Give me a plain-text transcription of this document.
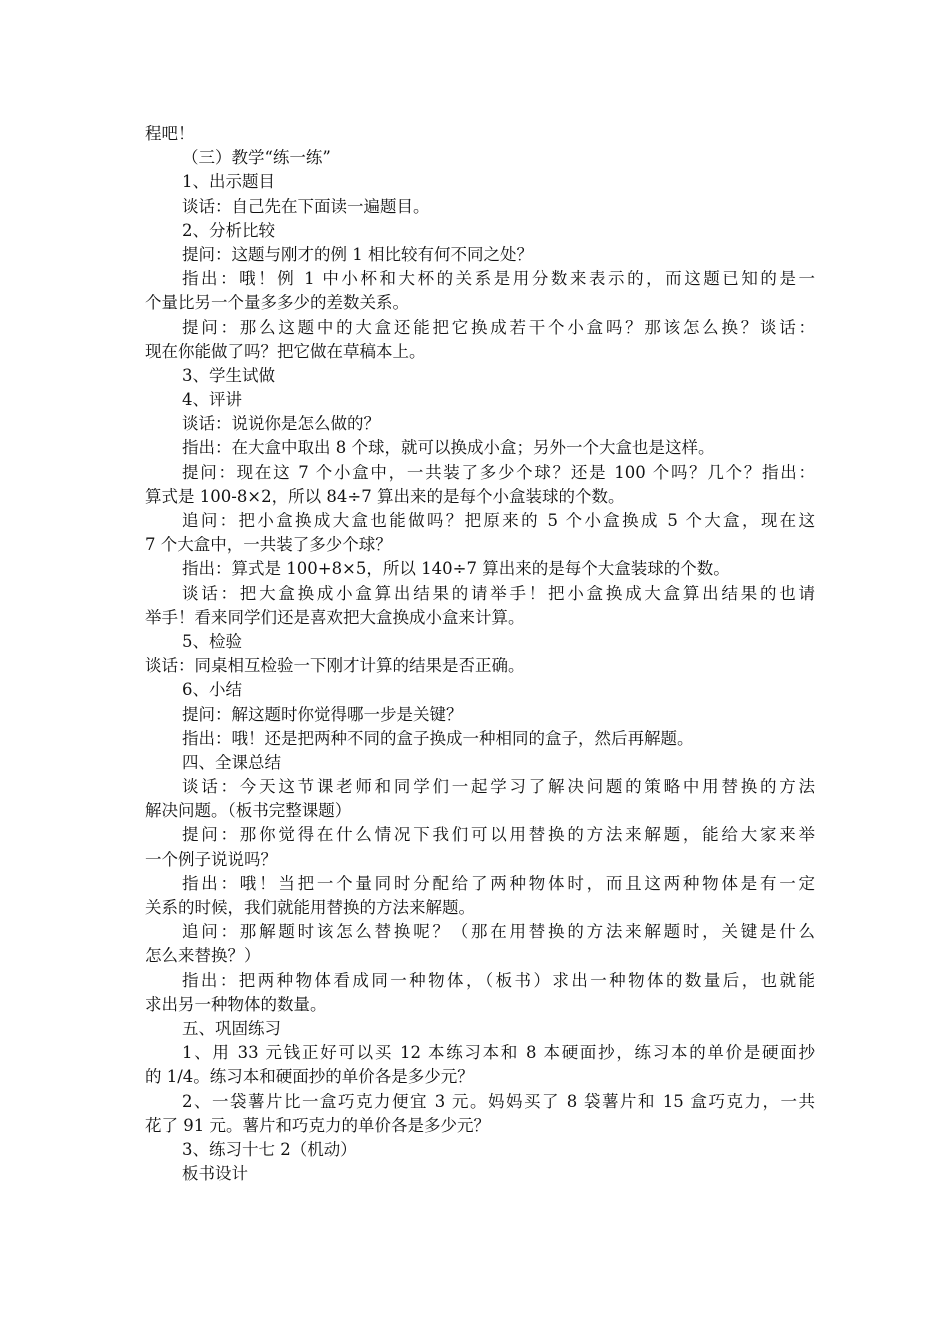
程吧！
（三）教学“练一练”
1、出示题目
谈话：自己先在下面读一遍题目。
2、分析比较
提问：这题与刚才的例 1 相比较有何不同之处？
指出：哦！例 1 中小杯和大杯的关系是用分数来表示的，而这题已知的是一
个量比另一个量多多少的差数关系。
提问：那么这题中的大盒还能把它换成若干个小盒吗？那该怎么换？谈话：
现在你能做了吗？把它做在草稿本上。
3、学生试做
4、评讲
谈话：说说你是怎么做的？
指出：在大盒中取出 8 个球，就可以换成小盒；另外一个大盒也是这样。
提问：现在这 7 个小盒中，一共装了多少个球？还是 100 个吗？几个？指出：
算式是 100-8×2，所以 84÷7 算出来的是每个小盒装球的个数。
追问：把小盒换成大盒也能做吗？把原来的 5 个小盒换成 5 个大盒，现在这
7 个大盒中，一共装了多少个球？
指出：算式是 100+8×5，所以 140÷7 算出来的是每个大盒装球的个数。
谈话：把大盒换成小盒算出结果的请举手！把小盒换成大盒算出结果的也请
举手！看来同学们还是喜欢把大盒换成小盒来计算。
5、检验
谈话：同桌相互检验一下刚才计算的结果是否正确。
6、小结
提问：解这题时你觉得哪一步是关键？
指出：哦！还是把两种不同的盒子换成一种相同的盒子，然后再解题。
四、全课总结
谈话：今天这节课老师和同学们一起学习了解决问题的策略中用替换的方法
解决问题。（板书完整课题）
提问：那你觉得在什么情况下我们可以用替换的方法来解题，能给大家来举
一个例子说说吗？
指出：哦！当把一个量同时分配给了两种物体时，而且这两种物体是有一定
关系的时候，我们就能用替换的方法来解题。
追问：那解题时该怎么替换呢？（那在用替换的方法来解题时，关键是什么
怎么来替换？）
指出：把两种物体看成同一种物体，（板书）求出一种物体的数量后，也就能
求出另一种物体的数量。
五、巩固练习
1、用 33 元钱正好可以买 12 本练习本和 8 本硬面抄，练习本的单价是硬面抄
的 1/4。练习本和硬面抄的单价各是多少元？
2、一袋薯片比一盒巧克力便宜 3 元。妈妈买了 8 袋薯片和 15 盒巧克力，一共
花了 91 元。薯片和巧克力的单价各是多少元？
3、练习十七 2（机动）
板书设计
